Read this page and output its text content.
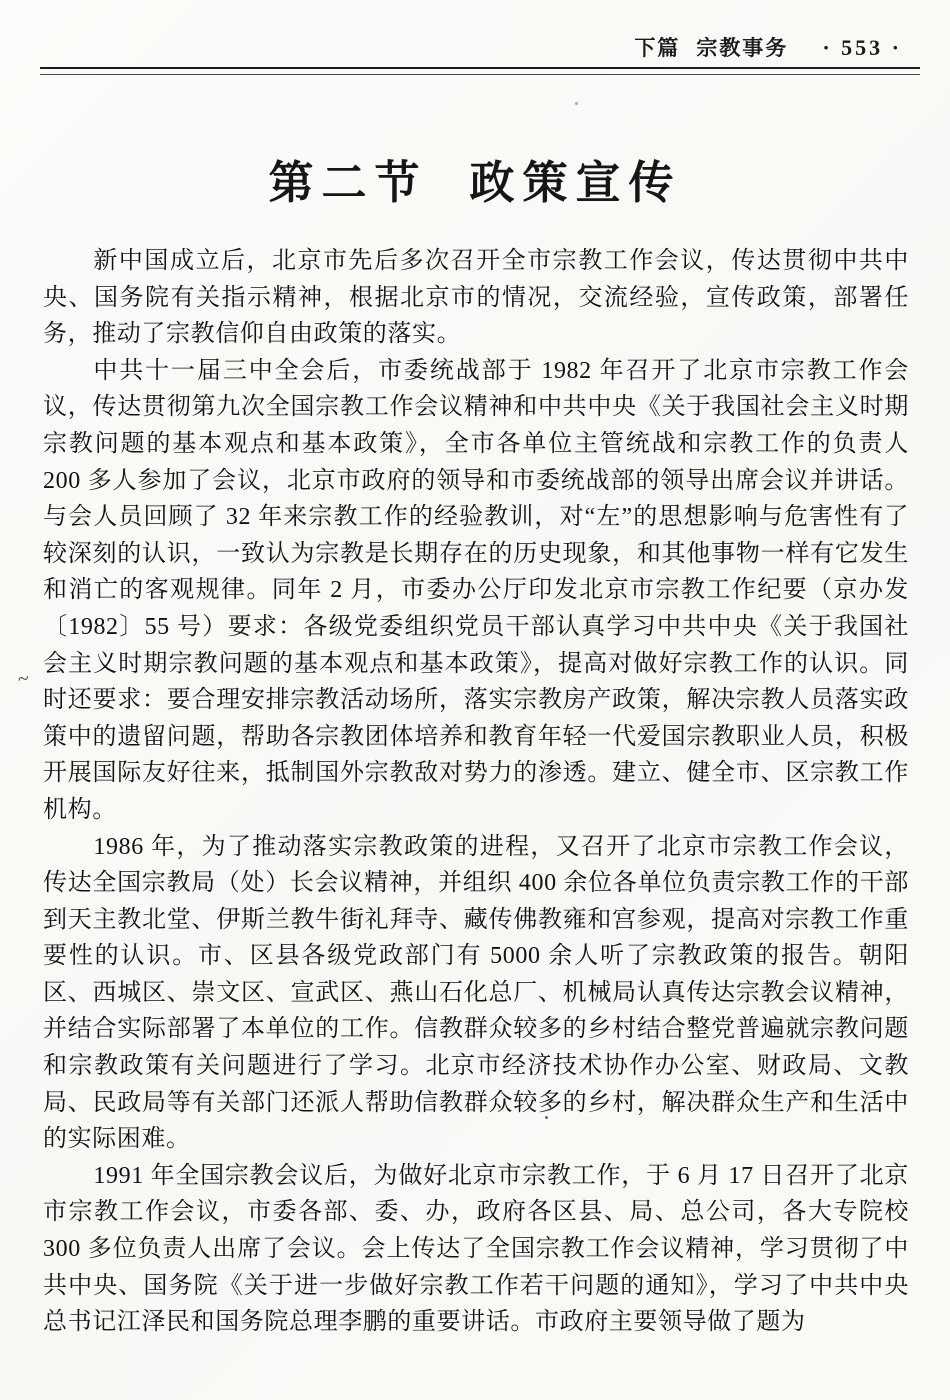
下篇 宗教事务 · 553 ·
第二节 政策宣传

新中国成立后，北京市先后多次召开全市宗教工作会议，传达贯彻中共中央、国务院有关指示精神，根据北京市的情况，交流经验，宣传政策，部署任务，推动了宗教信仰自由政策的落实。

中共十一届三中全会后，市委统战部于 1982 年召开了北京市宗教工作会议，传达贯彻第九次全国宗教工作会议精神和中共中央《关于我国社会主义时期宗教问题的基本观点和基本政策》，全市各单位主管统战和宗教工作的负责人 200 多人参加了会议，北京市政府的领导和市委统战部的领导出席会议并讲话。与会人员回顾了 32 年来宗教工作的经验教训，对“左”的思想影响与危害性有了较深刻的认识，一致认为宗教是长期存在的历史现象，和其他事物一样有它发生和消亡的客观规律。同年 2 月，市委办公厅印发北京市宗教工作纪要（京办发〔1982〕55 号）要求：各级党委组织党员干部认真学习中共中央《关于我国社会主义时期宗教问题的基本观点和基本政策》，提高对做好宗教工作的认识。同时还要求：要合理安排宗教活动场所，落实宗教房产政策，解决宗教人员落实政策中的遗留问题，帮助各宗教团体培养和教育年轻一代爱国宗教职业人员，积极开展国际友好往来，抵制国外宗教敌对势力的渗透。建立、健全市、区宗教工作机构。

1986 年，为了推动落实宗教政策的进程，又召开了北京市宗教工作会议，传达全国宗教局（处）长会议精神，并组织 400 余位各单位负责宗教工作的干部到天主教北堂、伊斯兰教牛街礼拜寺、藏传佛教雍和宫参观，提高对宗教工作重要性的认识。市、区县各级党政部门有 5000 余人听了宗教政策的报告。朝阳区、西城区、崇文区、宣武区、燕山石化总厂、机械局认真传达宗教会议精神，并结合实际部署了本单位的工作。信教群众较多的乡村结合整党普遍就宗教问题和宗教政策有关问题进行了学习。北京市经济技术协作办公室、财政局、文教局、民政局等有关部门还派人帮助信教群众较多的乡村，解决群众生产和生活中的实际困难。

1991 年全国宗教会议后，为做好北京市宗教工作，于 6 月 17 日召开了北京市宗教工作会议，市委各部、委、办，政府各区县、局、总公司，各大专院校 300 多位负责人出席了会议。会上传达了全国宗教工作会议精神，学习贯彻了中共中央、国务院《关于进一步做好宗教工作若干问题的通知》，学习了中共中央总书记江泽民和国务院总理李鹏的重要讲话。市政府主要领导做了题为

~
